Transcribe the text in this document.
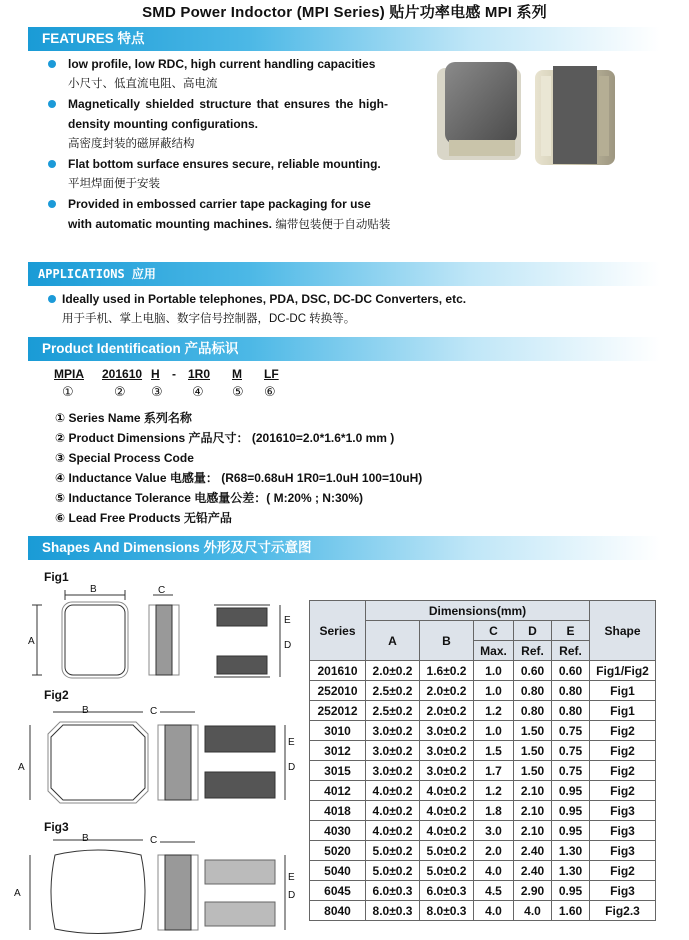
SMD Power Indoctor (MPI Series) 贴片功率电感 MPI 系列
FEATURES 特点
low profile, low RDC, high current handling capacities
小尺寸、低直流电阻、高电流
Magnetically shielded structure that ensures the high-density mounting configurations.
高密度封装的磁屏蔽结构
Flat bottom surface ensures secure, reliable mounting.
平坦焊面便于安装
Provided in embossed carrier tape packaging for use with automatic mounting machines. 编带包装便于自动贴装
APPLICATIONS 应用
Ideally used in Portable telephones, PDA, DSC, DC-DC Converters, etc.
用于手机、掌上电脑、数字信号控制器，DC-DC 转换等。
Product Identification 产品标识
MPIA 201610 H - 1R0 M LF
①	② ③ ④ ⑤ ⑥
① Series Name 系列名称
② Product Dimensions 产品尺寸： (201610=2.0*1.6*1.0 mm )
③ Special Process Code
④ Inductance Value 电感量： (R68=0.68uH 1R0=1.0uH 100=10uH)
⑤ Inductance Tolerance 电感量公差：( M:20% ; N:30%)
⑥ Lead Free Products 无铅产品
Shapes And Dimensions 外形及尺寸示意图
Fig1
Fig2
Fig3
B	C
A
E
D
B	C
A
E
D
B	C
A
E
D
Series	Dimensions(mm)					Shape
	A	B	C	D	E	
			Max.	Ref.	Ref.	
201610	2.0±0.2	1.6±0.2	1.0	0.60	0.60	Fig1/Fig2
252010	2.5±0.2	2.0±0.2	1.0	0.80	0.80	Fig1
252012	2.5±0.2	2.0±0.2	1.2	0.80	0.80	Fig1
3010	3.0±0.2	3.0±0.2	1.0	1.50	0.75	Fig2
3012	3.0±0.2	3.0±0.2	1.5	1.50	0.75	Fig2
3015	3.0±0.2	3.0±0.2	1.7	1.50	0.75	Fig2
4012	4.0±0.2	4.0±0.2	1.2	2.10	0.95	Fig2
4018	4.0±0.2	4.0±0.2	1.8	2.10	0.95	Fig3
4030	4.0±0.2	4.0±0.2	3.0	2.10	0.95	Fig3
5020	5.0±0.2	5.0±0.2	2.0	2.40	1.30	Fig3
5040	5.0±0.2	5.0±0.2	4.0	2.40	1.30	Fig2
6045	6.0±0.3	6.0±0.3	4.5	2.90	0.95	Fig3
8040	8.0±0.3	8.0±0.3	4.0	4.0	1.60	Fig2.3
